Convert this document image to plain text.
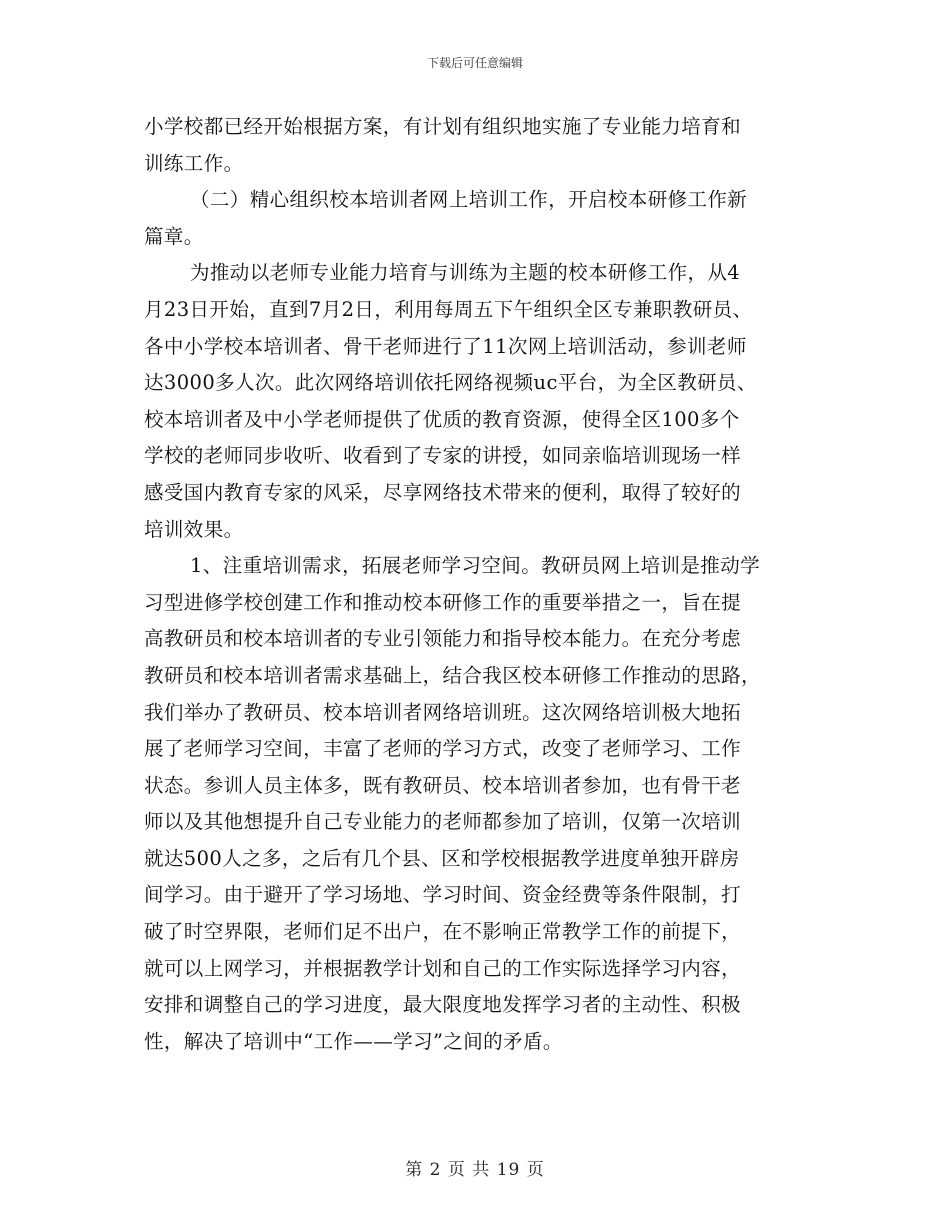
下载后可任意编辑
小学校都已经开始根据方案，有计划有组织地实施了专业能力培育和
训练工作。
（二）精心组织校本培训者网上培训工作，开启校本研修工作新
篇章。
为推动以老师专业能力培育与训练为主题的校本研修工作，从4
月23日开始，直到7月2日，利用每周五下午组织全区专兼职教研员、
各中小学校本培训者、骨干老师进行了11次网上培训活动，参训老师
达3000多人次。此次网络培训依托网络视频uc平台，为全区教研员、
校本培训者及中小学老师提供了优质的教育资源，使得全区100多个
学校的老师同步收听、收看到了专家的讲授，如同亲临培训现场一样
感受国内教育专家的风采，尽享网络技术带来的便利，取得了较好的
培训效果。
1、注重培训需求，拓展老师学习空间。教研员网上培训是推动学
习型进修学校创建工作和推动校本研修工作的重要举措之一，旨在提
高教研员和校本培训者的专业引领能力和指导校本能力。在充分考虑
教研员和校本培训者需求基础上，结合我区校本研修工作推动的思路，
我们举办了教研员、校本培训者网络培训班。这次网络培训极大地拓
展了老师学习空间，丰富了老师的学习方式，改变了老师学习、工作
状态。参训人员主体多，既有教研员、校本培训者参加，也有骨干老
师以及其他想提升自己专业能力的老师都参加了培训，仅第一次培训
就达500人之多，之后有几个县、区和学校根据教学进度单独开辟房
间学习。由于避开了学习场地、学习时间、资金经费等条件限制，打
破了时空界限，老师们足不出户，在不影响正常教学工作的前提下，
就可以上网学习，并根据教学计划和自己的工作实际选择学习内容，
安排和调整自己的学习进度，最大限度地发挥学习者的主动性、积极
性，解决了培训中“工作——学习”之间的矛盾。
第 2 页 共 19 页
